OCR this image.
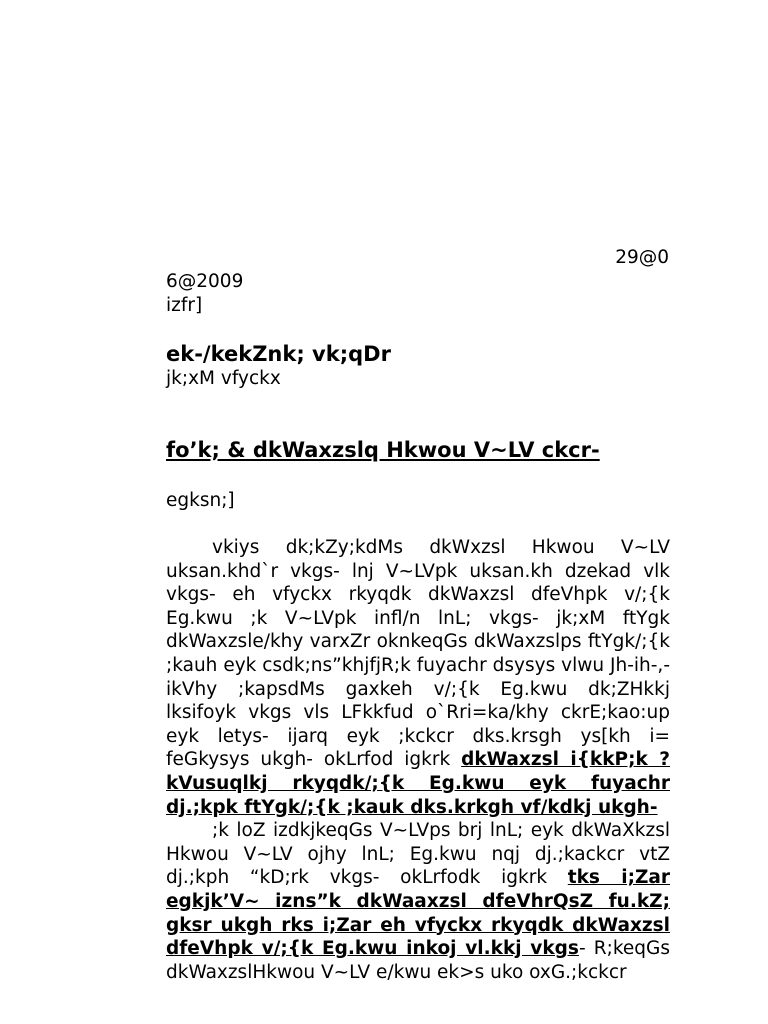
29@0
6@2009
izfr]
ek-/kekZnk; vk;qDr
jk;xM vfyckx
fo’k; & dkWaxzslq Hkwou V~LV ckcr-
egksn;]

vkiys dk;kZy;kdMs dkWxzsl Hkwou V~LV uksan.khd`r vkgs- lnj V~LVpk uksan.kh dzekad vlk vkgs- eh vfyckx rkyqdk dkWaxzsl dfeVhpk v/;{k Eg.kwu ;k V~LVpk infl/n lnL; vkgs- jk;xM ftYgk dkWaxzsle/khy varxZr oknkeqGs dkWaxzslps ftYgk/;{k ;kauh eyk csdk;ns”khjfjR;k fuyachr dsysys vlwu Jh-ih-,-ikVhy ;kapsdMs gaxkeh v/;{k Eg.kwu dk;ZHkkj lksifoyk vkgs vls LFkkfud o`Rri=ka/khy ckrE;kao:up eyk letys- ijarq eyk ;kckcr dks.krsgh ys[kh i= feGkysys ukgh- okLrfod igkrk dkWaxzsl i{kkP;k ?kVusuqlkj rkyqdk/;{k Eg.kwu eyk fuyachr dj.;kpk ftYgk/;{k ;kauk dks.krkgh vf/kdkj ukgh-

;k loZ izdkjkeqGs V~LVps brj lnL; eyk dkWaXkzsl Hkwou V~LV ojhy lnL; Eg.kwu nqj dj.;kackcr vtZ dj.;kph “kD;rk vkgs- okLrfodk igkrk tks i;Zar egkjk’V~ izns”k dkWaaxzsl dfeVhrQsZ fu.kZ; gksr ukgh rks i;Zar eh vfyckx rkyqdk dkWaxzsl dfeVhpk v/;{k Eg.kwu inkoj vl.kkj vkgs- R;keqGs dkWaxzslHkwou V~LV e/kwu ek>s uko oxG.;kckcr
